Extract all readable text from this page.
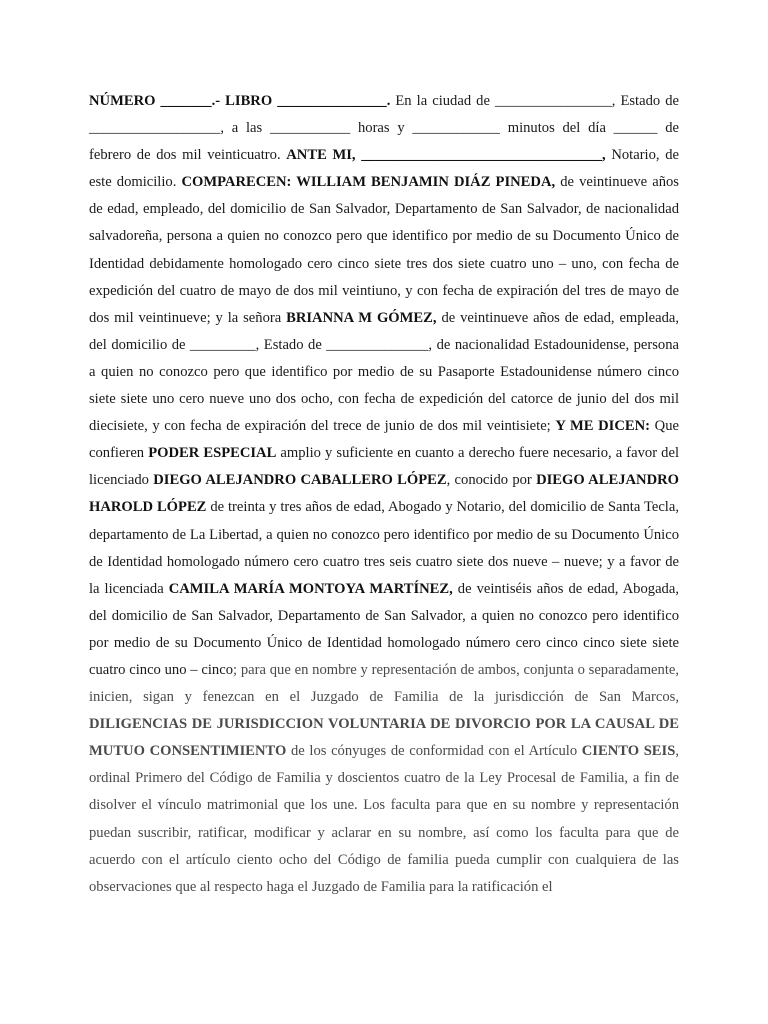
NÚMERO _______.- LIBRO _______________. En la ciudad de ________________, Estado de __________________, a las ___________ horas y ____________ minutos del día ______ de febrero de dos mil veinticuatro. ANTE MI, _________________________________, Notario, de este domicilio. COMPARECEN: WILLIAM BENJAMIN DIÁZ PINEDA, de veintinueve años de edad, empleado, del domicilio de San Salvador, Departamento de San Salvador, de nacionalidad salvadoreña, persona a quien no conozco pero que identifico por medio de su Documento Único de Identidad debidamente homologado cero cinco siete tres dos siete cuatro uno – uno, con fecha de expedición del cuatro de mayo de dos mil veintiuno, y con fecha de expiración del tres de mayo de dos mil veintinueve; y la señora BRIANNA M GÓMEZ, de veintinueve años de edad, empleada, del domicilio de _________, Estado de ______________, de nacionalidad Estadounidense, persona a quien no conozco pero que identifico por medio de su Pasaporte Estadounidense número cinco siete siete uno cero nueve uno dos ocho, con fecha de expedición del catorce de junio del dos mil diecisiete, y con fecha de expiración del trece de junio de dos mil veintisiete; Y ME DICEN: Que confieren PODER ESPECIAL amplio y suficiente en cuanto a derecho fuere necesario, a favor del licenciado DIEGO ALEJANDRO CABALLERO LÓPEZ, conocido por DIEGO ALEJANDRO HAROLD LÓPEZ de treinta y tres años de edad, Abogado y Notario, del domicilio de Santa Tecla, departamento de La Libertad, a quien no conozco pero identifico por medio de su Documento Único de Identidad homologado número cero cuatro tres seis cuatro siete dos nueve – nueve; y a favor de la licenciada CAMILA MARÍA MONTOYA MARTÍNEZ, de veintiséis años de edad, Abogada, del domicilio de San Salvador, Departamento de San Salvador, a quien no conozco pero identifico por medio de su Documento Único de Identidad homologado número cero cinco cinco siete siete cuatro cinco uno – cinco; para que en nombre y representación de ambos, conjunta o separadamente, inicien, sigan y fenezcan en el Juzgado de Familia de la jurisdicción de San Marcos, DILIGENCIAS DE JURISDICCION VOLUNTARIA DE DIVORCIO POR LA CAUSAL DE MUTUO CONSENTIMIENTO de los cónyuges de conformidad con el Artículo CIENTO SEIS, ordinal Primero del Código de Familia y doscientos cuatro de la Ley Procesal de Familia, a fin de disolver el vínculo matrimonial que los une. Los faculta para que en su nombre y representación puedan suscribir, ratificar, modificar y aclarar en su nombre, así como los faculta para que de acuerdo con el artículo ciento ocho del Código de familia pueda cumplir con cualquiera de las observaciones que al respecto haga el Juzgado de Familia para la ratificación el
